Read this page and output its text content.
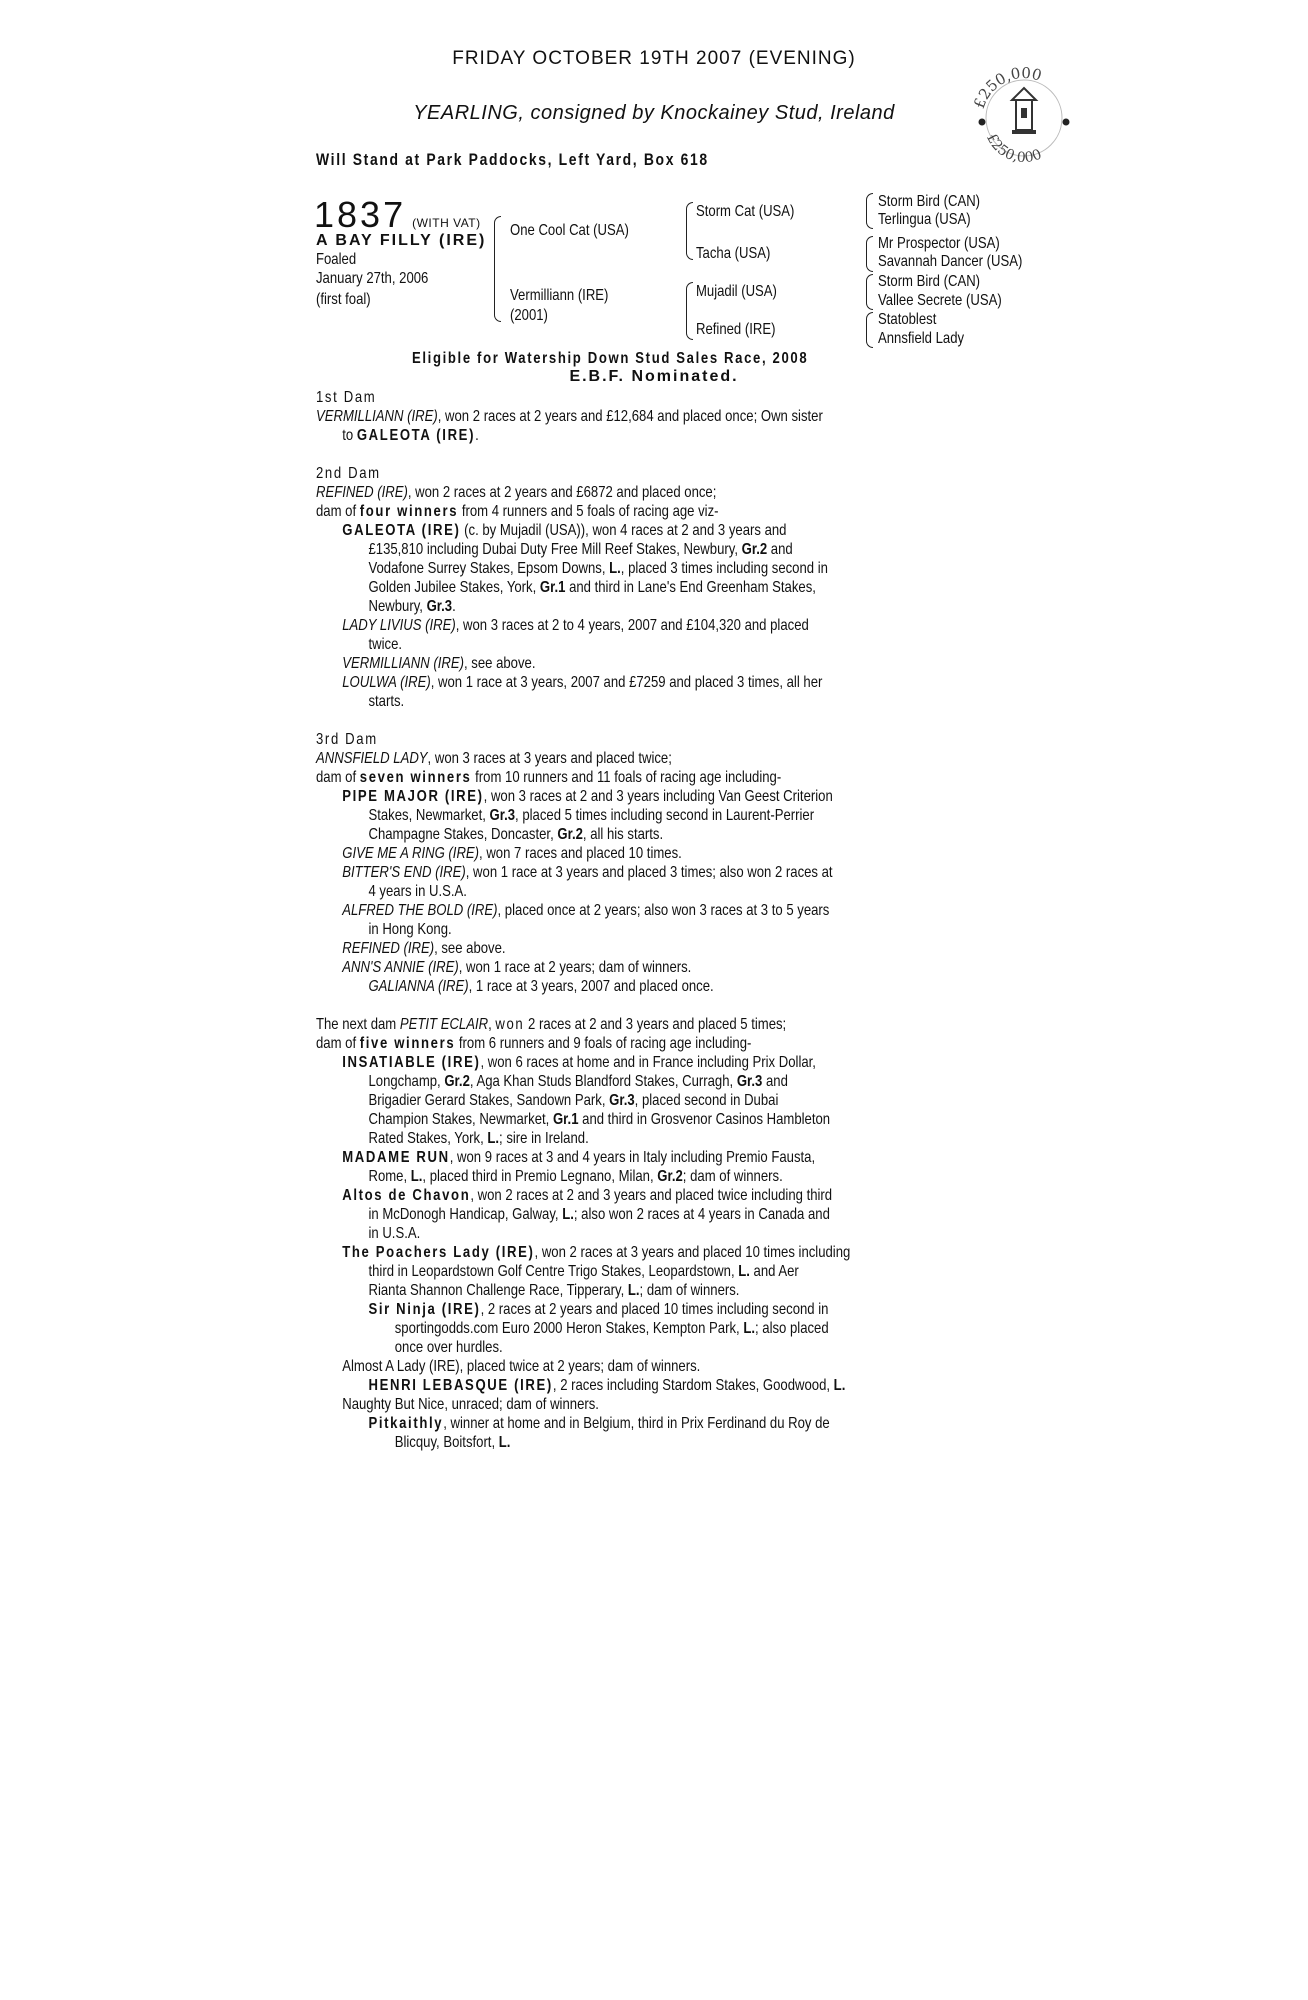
FRIDAY OCTOBER 19TH 2007 (EVENING)
YEARLING, consigned by Knockainey Stud, Ireland
Will Stand at Park Paddocks, Left Yard, Box 618
£250,000
£250,000
1837 (WITH VAT)
A BAY FILLY (IRE)
Foaled
January 27th, 2006
(first foal)
One Cool Cat (USA)
Vermilliann (IRE)
(2001)
Storm Cat (USA)
Tacha (USA)
Mujadil (USA)
Refined (IRE)
Storm Bird (CAN)
Terlingua (USA)
Mr Prospector (USA)
Savannah Dancer (USA)
Storm Bird (CAN)
Vallee Secrete (USA)
Statoblest
Annsfield Lady
Eligible for Watership Down Stud Sales Race, 2008
E.B.F. Nominated.

1st Dam

VERMILLIANN (IRE), won 2 races at 2 years and £12,684 and placed once; Own sister

to GALEOTA (IRE).

2nd Dam

REFINED (IRE), won 2 races at 2 years and £6872 and placed once;

dam of four winners from 4 runners and 5 foals of racing age viz-

GALEOTA (IRE) (c. by Mujadil (USA)), won 4 races at 2 and 3 years and

£135,810 including Dubai Duty Free Mill Reef Stakes, Newbury, Gr.2 and

Vodafone Surrey Stakes, Epsom Downs, L., placed 3 times including second in

Golden Jubilee Stakes, York, Gr.1 and third in Lane's End Greenham Stakes,

Newbury, Gr.3.

LADY LIVIUS (IRE), won 3 races at 2 to 4 years, 2007 and £104,320 and placed

twice.

VERMILLIANN (IRE), see above.

LOULWA (IRE), won 1 race at 3 years, 2007 and £7259 and placed 3 times, all her

starts.

3rd Dam

ANNSFIELD LADY, won 3 races at 3 years and placed twice;

dam of seven winners from 10 runners and 11 foals of racing age including-

PIPE MAJOR (IRE), won 3 races at 2 and 3 years including Van Geest Criterion

Stakes, Newmarket, Gr.3, placed 5 times including second in Laurent-Perrier

Champagne Stakes, Doncaster, Gr.2, all his starts.

GIVE ME A RING (IRE), won 7 races and placed 10 times.

BITTER'S END (IRE), won 1 race at 3 years and placed 3 times; also won 2 races at

4 years in U.S.A.

ALFRED THE BOLD (IRE), placed once at 2 years; also won 3 races at 3 to 5 years

in Hong Kong.

REFINED (IRE), see above.

ANN'S ANNIE (IRE), won 1 race at 2 years; dam of winners.

GALIANNA (IRE), 1 race at 3 years, 2007 and placed once.

The next dam PETIT ECLAIR, won 2 races at 2 and 3 years and placed 5 times;

dam of five winners from 6 runners and 9 foals of racing age including-

INSATIABLE (IRE), won 6 races at home and in France including Prix Dollar,

Longchamp, Gr.2, Aga Khan Studs Blandford Stakes, Curragh, Gr.3 and

Brigadier Gerard Stakes, Sandown Park, Gr.3, placed second in Dubai

Champion Stakes, Newmarket, Gr.1 and third in Grosvenor Casinos Hambleton

Rated Stakes, York, L.; sire in Ireland.

MADAME RUN, won 9 races at 3 and 4 years in Italy including Premio Fausta,

Rome, L., placed third in Premio Legnano, Milan, Gr.2; dam of winners.

Altos de Chavon, won 2 races at 2 and 3 years and placed twice including third

in McDonogh Handicap, Galway, L.; also won 2 races at 4 years in Canada and

in U.S.A.

The Poachers Lady (IRE), won 2 races at 3 years and placed 10 times including

third in Leopardstown Golf Centre Trigo Stakes, Leopardstown, L. and Aer

Rianta Shannon Challenge Race, Tipperary, L.; dam of winners.

Sir Ninja (IRE), 2 races at 2 years and placed 10 times including second in

sportingodds.com Euro 2000 Heron Stakes, Kempton Park, L.; also placed

once over hurdles.

Almost A Lady (IRE), placed twice at 2 years; dam of winners.

HENRI LEBASQUE (IRE), 2 races including Stardom Stakes, Goodwood, L.

Naughty But Nice, unraced; dam of winners.

Pitkaithly, winner at home and in Belgium, third in Prix Ferdinand du Roy de

Blicquy, Boitsfort, L.
